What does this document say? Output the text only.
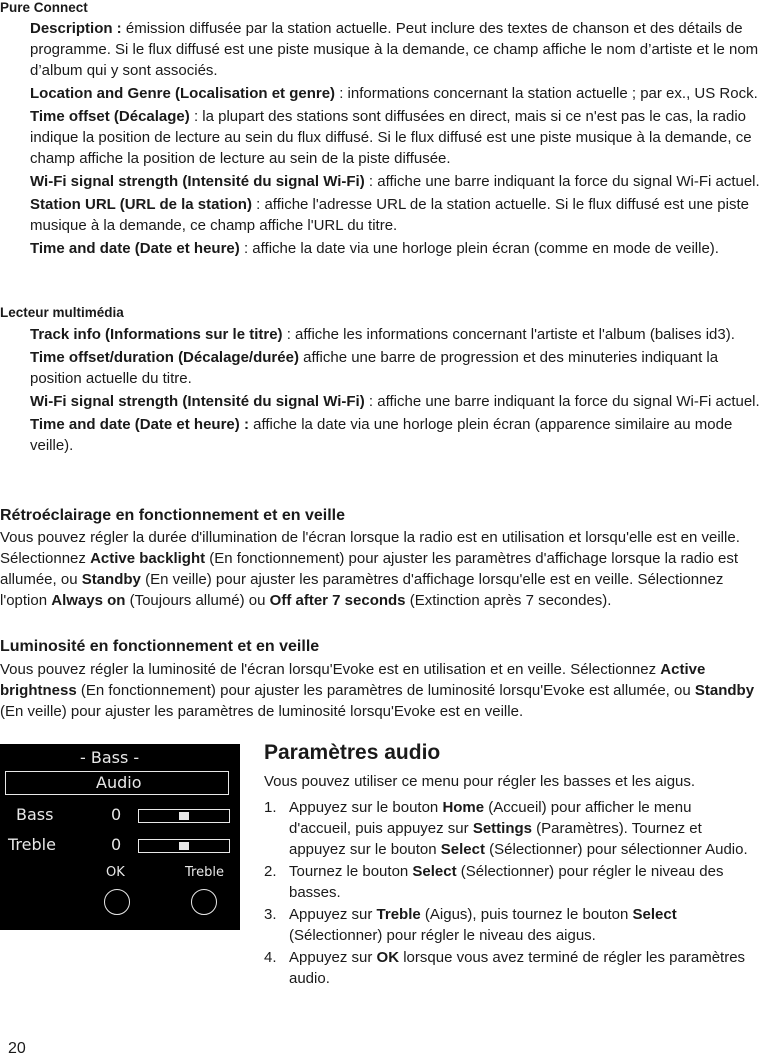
Pure Connect

Description : émission diffusée par la station actuelle. Peut inclure des textes de chanson et des détails de programme. Si le flux diffusé est une piste musique à la demande, ce champ affiche le nom d’artiste et le nom d’album qui y sont associés.

Location and Genre (Localisation et genre) : informations concernant la station actuelle ; par ex., US Rock.

Time offset (Décalage) : la plupart des stations sont diffusées en direct, mais si ce n'est pas le cas, la radio indique la position de lecture au sein du flux diffusé. Si le flux diffusé est une piste musique à la demande, ce champ affiche la position de lecture au sein de la piste diffusée.

Wi-Fi signal strength (Intensité du signal Wi-Fi) : affiche une barre indiquant la force du signal Wi-Fi actuel.

Station URL (URL de la station) : affiche l'adresse URL de la station actuelle. Si le flux diffusé est une piste musique à la demande, ce champ affiche l'URL du titre.

Time and date (Date et heure) : affiche la date via une horloge plein écran (comme en mode de veille).

Lecteur multimédia

Track info (Informations sur le titre) : affiche les informations concernant l'artiste et l'album (balises id3).

Time offset/duration (Décalage/durée) affiche une barre de progression et des minuteries indiquant la position actuelle du titre.

Wi-Fi signal strength (Intensité du signal Wi-Fi) : affiche une barre indiquant la force du signal Wi-Fi actuel.

Time and date (Date et heure) : affiche la date via une horloge plein écran (apparence similaire au mode veille).

Rétroéclairage en fonctionnement et en veille

Vous pouvez régler la durée d'illumination de l'écran lorsque la radio est en utilisation et lorsqu'elle est en veille. Sélectionnez Active backlight (En fonctionnement) pour ajuster les paramètres d'affichage lorsque la radio est allumée, ou Standby (En veille) pour ajuster les paramètres d'affichage lorsqu'elle est en veille. Sélectionnez l'option Always on (Toujours allumé) ou Off after 7 seconds (Extinction après 7 secondes).

Luminosité en fonctionnement et en veille

Vous pouvez régler la luminosité de l'écran lorsqu'Evoke est en utilisation et en veille. Sélectionnez Active brightness (En fonctionnement) pour ajuster les paramètres de luminosité lorsqu'Evoke est allumée, ou Standby (En veille) pour ajuster les paramètres de luminosité lorsqu'Evoke est en veille.

- Bass -
Audio
Bass	0
Treble	0
OK	Treble
Paramètres audio

Vous pouvez utiliser ce menu pour régler les basses et les aigus.

1. Appuyez sur le bouton Home (Accueil) pour afficher le menu d'accueil, puis appuyez sur Settings (Paramètres). Tournez et appuyez sur le bouton Select (Sélectionner) pour sélectionner Audio.
2. Tournez le bouton Select (Sélectionner) pour régler le niveau des basses.
3. Appuyez sur Treble (Aigus), puis tournez le bouton Select (Sélectionner) pour régler le niveau des aigus.
4. Appuyez sur OK lorsque vous avez terminé de régler les paramètres audio.
20
